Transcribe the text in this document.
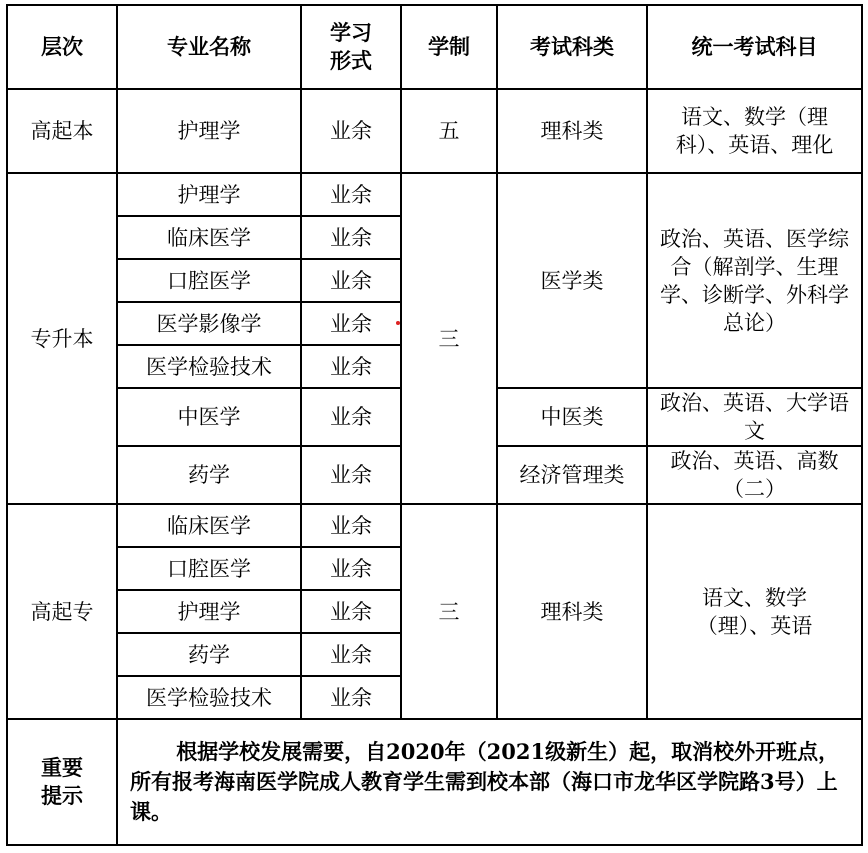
层次	专业名称	学习形式	学制	考试科类	统一考试科目
高起本	护理学	业余	五	理科类	语文、数学（理科）、英语、理化
专升本	护理学	业余	三	医学类	政治、英语、医学综合（解剖学、生理学、诊断学、外科学总论）
	临床医学	业余			
	口腔医学	业余			
	医学影像学	业余			
	医学检验技术	业余			
	中医学	业余		中医类	政治、英语、大学语文
	药学	业余		经济管理类	政治、英语、高数（二）
高起专	临床医学	业余	三	理科类	语文、数学（理）、英语
	口腔医学	业余			
	护理学	业余			
	药学	业余			
	医学检验技术	业余			
重要提示	根据学校发展需要，自2020年（2021级新生）起，取消校外开班点，所有报考海南医学院成人教育学生需到校本部（海口市龙华区学院路3号）上课。				
